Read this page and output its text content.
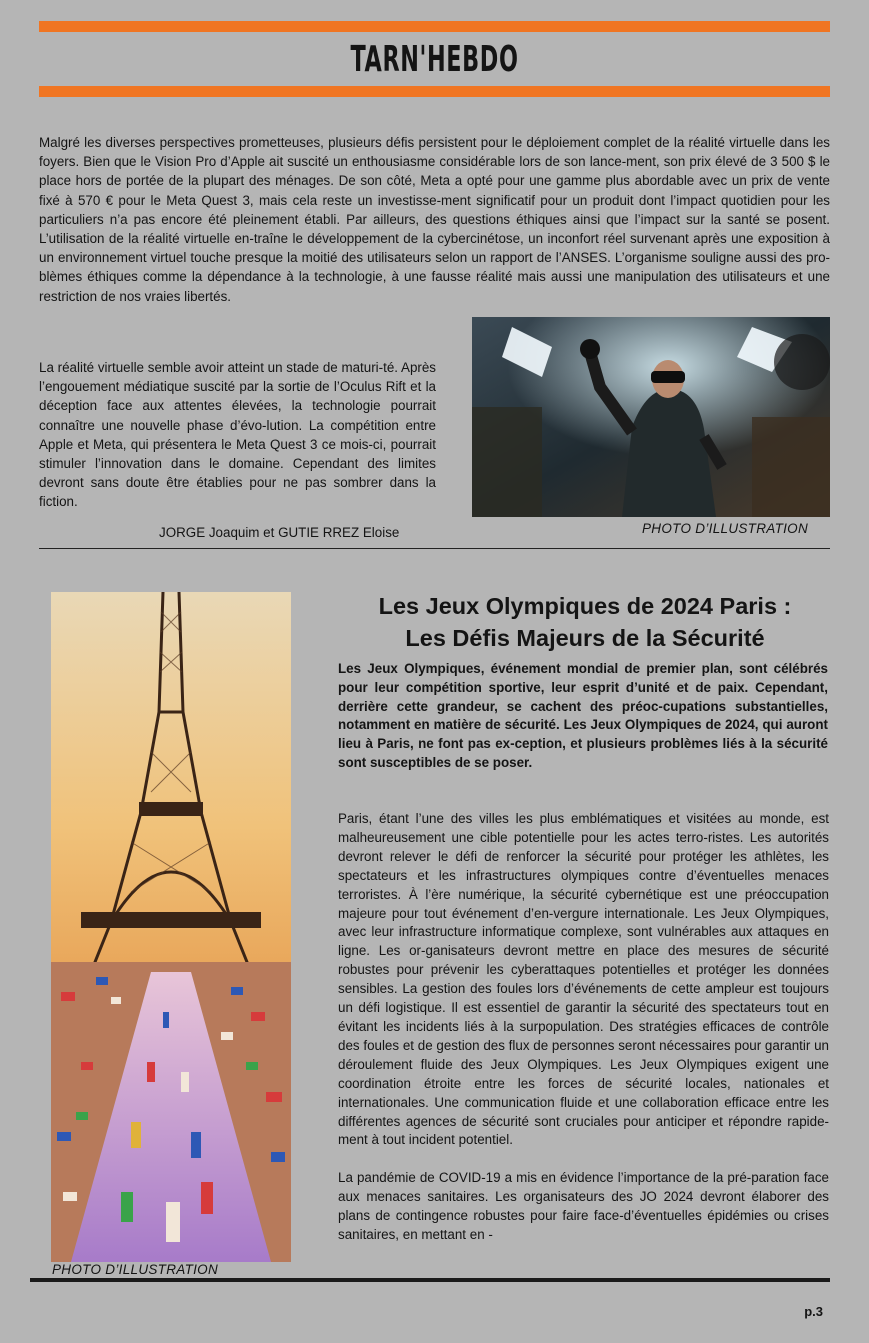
TARN'HEBDO

Malgré les diverses perspectives prometteuses, plusieurs défis persistent pour le déploiement complet de la réalité virtuelle dans les foyers. Bien que le Vision Pro d’Apple ait suscité un enthousiasme considérable lors de son lance-ment, son prix élevé de 3 500 $ le place hors de portée de la plupart des ménages. De son côté, Meta a opté pour une gamme plus abordable avec un prix de vente fixé à 570 € pour le Meta Quest 3, mais cela reste un investisse-ment significatif pour un produit dont l’impact quotidien pour les particuliers n’a pas encore été pleinement établi. Par ailleurs, des questions éthiques ainsi que l’impact sur la santé se posent. L’utilisation de la réalité virtuelle en-traîne le développement de la cybercinétose, un inconfort réel survenant après une exposition à un environnement virtuel touche presque la moitié des utilisateurs selon un rapport de l’ANSES. L’organisme souligne aussi des pro-blèmes éthiques comme la dépendance à la technologie, à une fausse réalité mais aussi une manipulation des utilisateurs et une restriction de nos vraies libertés.

La réalité virtuelle semble avoir atteint un stade de maturi-té. Après l’engouement médiatique suscité par la sortie de l’Oculus Rift et la déception face aux attentes élevées, la technologie pourrait connaître une nouvelle phase d’évo-lution. La compétition entre Apple et Meta, qui présentera le Meta Quest 3 ce mois-ci, pourrait stimuler l’innovation dans le domaine. Cependant des limites devront sans doute être établies pour ne pas sombrer dans la fiction.

JORGE Joaquim et GUTIE RREZ Eloise	PHOTO D’ILLUSTRATION
PHOTO D’ILLUSTRATION
Les Jeux Olympiques de 2024 Paris :
Les Défis Majeurs de la Sécurité
Les Jeux Olympiques, événement mondial de premier plan, sont célébrés pour leur compétition sportive, leur esprit d’unité et de paix. Cependant, derrière cette grandeur, se cachent des préoc-cupations substantielles, notamment en matière de sécurité. Les Jeux Olympiques de 2024, qui auront lieu à Paris, ne font pas ex-ception, et plusieurs problèmes liés à la sécurité sont susceptibles de se poser.

Paris, étant l’une des villes les plus emblématiques et visitées au monde, est malheureusement une cible potentielle pour les actes terro-ristes. Les autorités devront relever le défi de renforcer la sécurité pour protéger les athlètes, les spectateurs et les infrastructures olympiques contre d’éventuelles menaces terroristes. À l’ère numérique, la sécurité cybernétique est une préoccupation majeure pour tout événement d’en-vergure internationale. Les Jeux Olympiques, avec leur infrastructure informatique complexe, sont vulnérables aux attaques en ligne. Les or-ganisateurs devront mettre en place des mesures de sécurité robustes pour prévenir les cyberattaques potentielles et protéger les données sensibles. La gestion des foules lors d’événements de cette ampleur est toujours un défi logistique. Il est essentiel de garantir la sécurité des spectateurs tout en évitant les incidents liés à la surpopulation. Des stratégies efficaces de contrôle des foules et de gestion des flux de personnes seront nécessaires pour garantir un déroulement fluide des Jeux Olympiques. Les Jeux Olympiques exigent une coordination étroite entre les forces de sécurité locales, nationales et internationales. Une communication fluide et une collaboration efficace entre les différentes agences de sécurité sont cruciales pour anticiper et répondre rapide-ment à tout incident potentiel.

La pandémie de COVID-19 a mis en évidence l’importance de la pré-paration face aux menaces sanitaires. Les organisateurs des JO 2024 devront élaborer des plans de contingence robustes pour faire face-d’éventuelles épidémies ou crises sanitaires, en mettant en -

p.3
